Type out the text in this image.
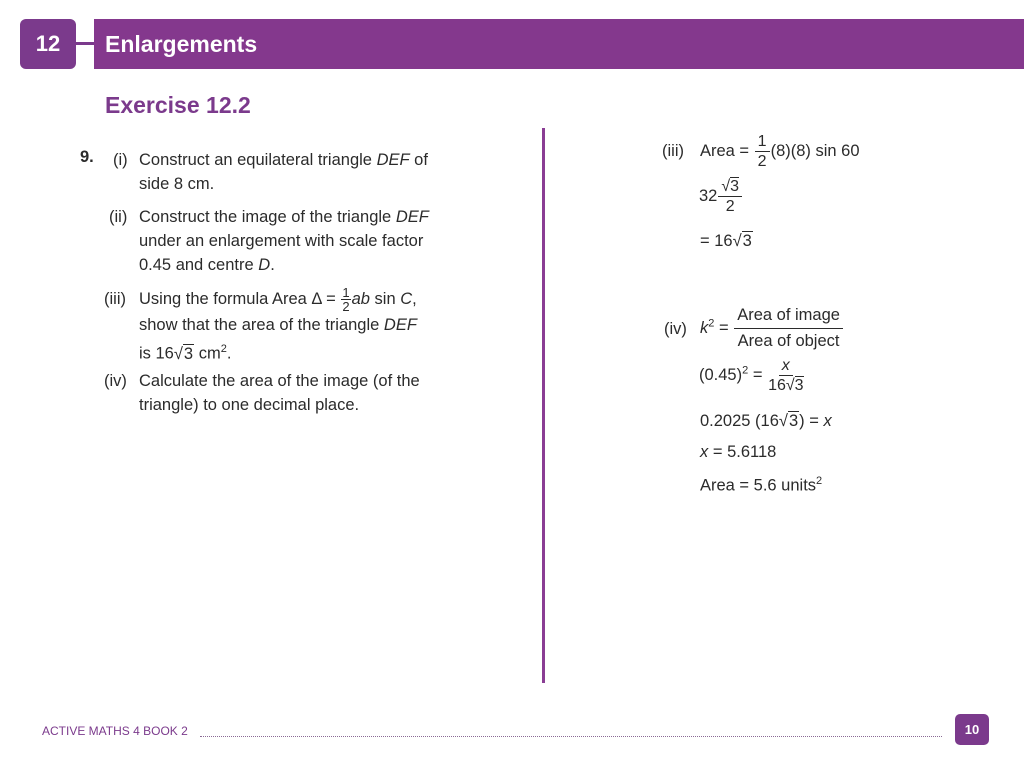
12 Enlargements
Exercise 12.2
9. (i) Construct an equilateral triangle DEF of
side 8 cm.
(ii) Construct the image of the triangle DEF
under an enlargement with scale factor
0.45 and centre D.
(iii) Using the formula Area $\Delta = \frac{1}{2}$ ab sin C,
show that the area of the triangle DEF
is 16√3 $cm^2$.
(iv) Calculate the area of the image (of the
triangle) to one decimal place.
(iii) Area = $\frac{1}{2} (8)(8)$ sin 60
$32 \frac{√3}{2}$
= 16√3
(iv) $k^2 = \frac{\text{Area of image}}{\text{Area of object}}$
$(0.45)^2 = \frac{x}{16√3}$
0.2025 (16√3) = x
x = 5.6118
Area = 5.6 units$^2$
ACTIVE MATHS 4 BOOK 2	10
